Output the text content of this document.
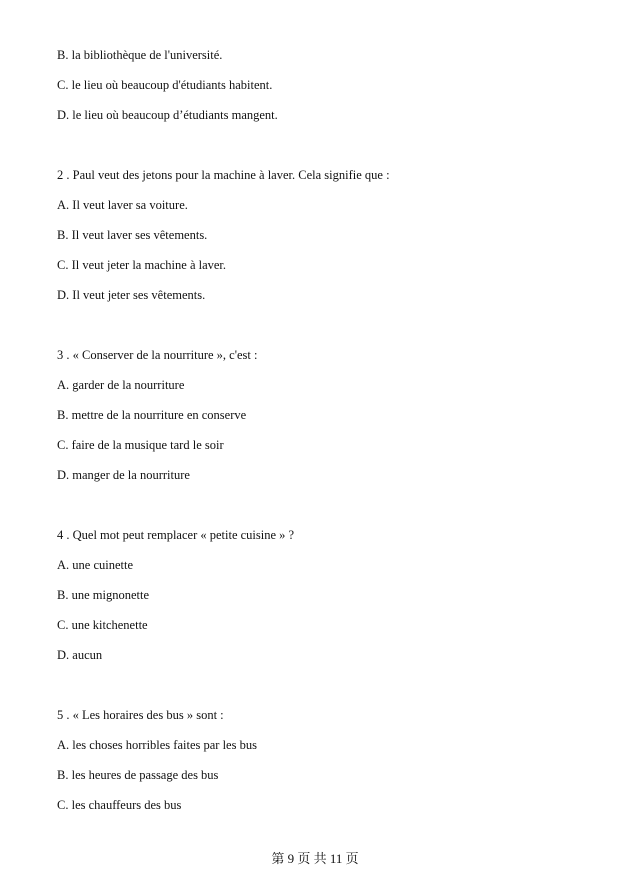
B. la bibliothèque de l'université.
C. le lieu où beaucoup d'étudiants habitent.
D. le lieu où beaucoup d’étudiants mangent.
2 . Paul veut des jetons pour la machine à laver. Cela signifie que :
A. Il veut laver sa voiture.
B. Il veut laver ses vêtements.
C. Il veut jeter la machine à laver.
D. Il veut jeter ses vêtements.
3 . « Conserver de la nourriture », c'est :
A. garder de la nourriture
B. mettre de la nourriture en conserve
C. faire de la musique tard le soir
D. manger de la nourriture
4 . Quel mot peut remplacer « petite cuisine » ?
A. une cuinette
B. une mignonette
C. une kitchenette
D. aucun
5 . « Les horaires des bus » sont :
A. les choses horribles faites par les bus
B. les heures de passage des bus
C. les chauffeurs des bus
第 9 页 共 11 页
